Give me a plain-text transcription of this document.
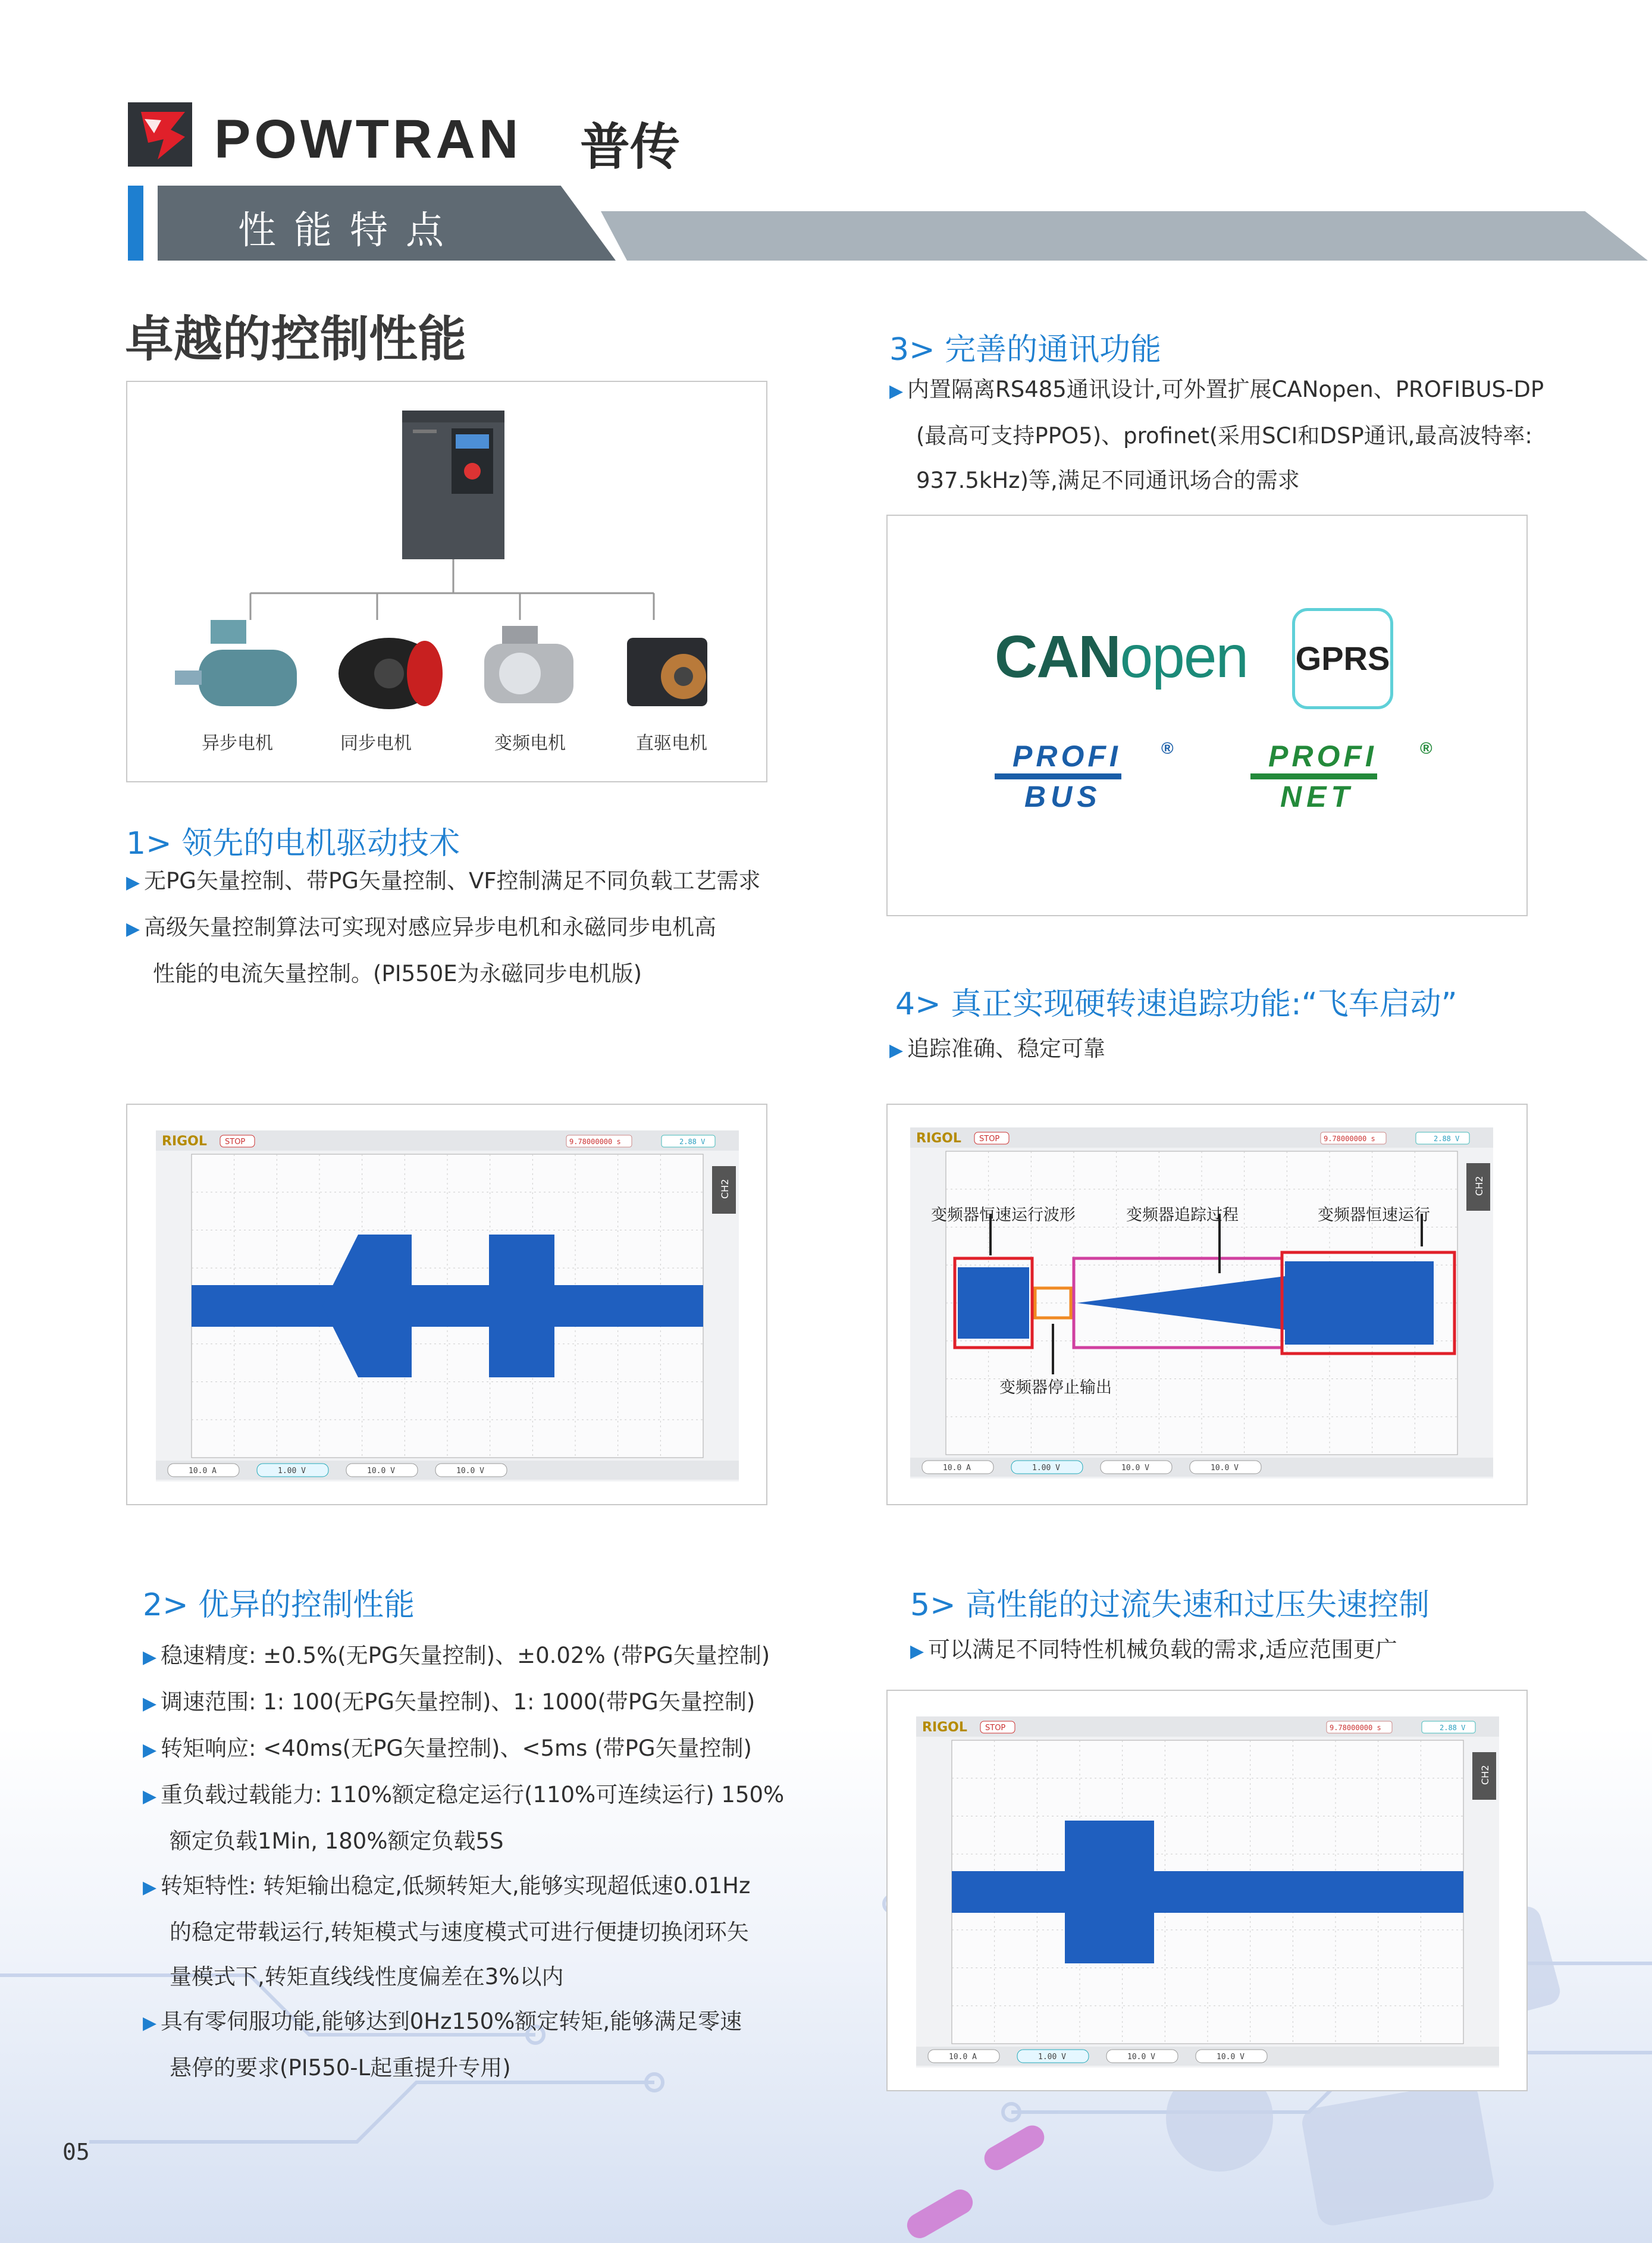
POWTRAN 普传
性能特点
卓越的控制性能
异步电机	同步电机	变频电机	直驱电机
1> 领先的电机驱动技术
▶ 无PG矢量控制、带PG矢量控制、VF控制满足不同负载工艺需求
▶ 高级矢量控制算法可实现对感应异步电机和永磁同步电机高
性能的电流矢量控制。(PI550E为永磁同步电机版)
3> 完善的通讯功能
▶ 内置隔离RS485通讯设计,可外置扩展CANopen、PROFIBUS-DP
(最高可支持PPO5)、profinet(采用SCI和DSP通讯,最高波特率:
937.5kHz)等,满足不同通讯场合的需求
CANopen GPRS
PROFI
BUS
®	PROFI
NET
®
4> 真正实现硬转速追踪功能:“飞车启动”
▶ 追踪准确、稳定可靠
2> 优异的控制性能
▶ 稳速精度: ±0.5%(无PG矢量控制)、±0.02% (带PG矢量控制)
▶ 调速范围: 1: 100(无PG矢量控制)、1: 1000(带PG矢量控制)
▶ 转矩响应: <40ms(无PG矢量控制)、<5ms (带PG矢量控制)
▶ 重负载过载能力: 110%额定稳定运行(110%可连续运行) 150%
额定负载1Min, 180%额定负载5S
▶ 转矩特性: 转矩输出稳定,低频转矩大,能够实现超低速0.01Hz
的稳定带载运行,转矩模式与速度模式可进行便捷切换闭环矢
量模式下,转矩直线线性度偏差在3%以内
▶ 具有零伺服功能,能够达到0Hz150%额定转矩,能够满足零速
悬停的要求(PI550-L起重提升专用)
5> 高性能的过流失速和过压失速控制
▶ 可以满足不同特性机械负载的需求,适应范围更广
RIGOL STOP	9.78000000 s	2.88 V
CH2
10.0 A	1.00 V	10.0 V	10.0 V
RIGOL STOP	9.78000000 s	2.88 V
CH2
10.0 A	1.00 V	10.0 V	10.0 V
RIGOL STOP	9.78000000 s	2.88 V
CH2
10.0 A	1.00 V	10.0 V	10.0 V
变频器恒速运行波形	变频器追踪过程	变频器恒速运行
变频器停止输出
05
